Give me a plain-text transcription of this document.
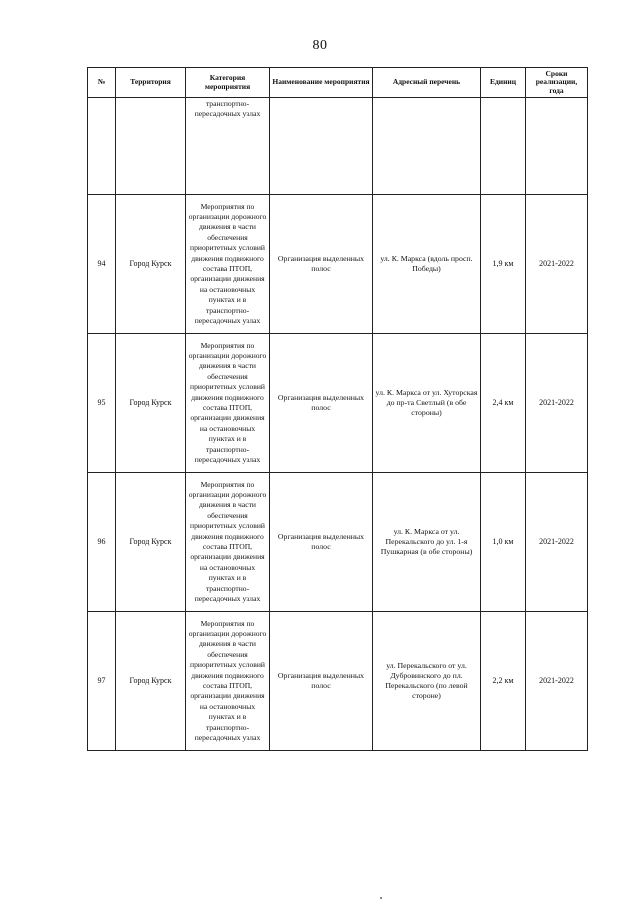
80
№	Территория	Категория мероприятия	Наименование мероприятия	Адресный перечень	Единиц	Сроки реализации, года
		транспортно-пересадочных узлах				
94	Город Курск	Мероприятия по организации дорожного движения в части обеспечения приоритетных условий движения подвижного состава ПТОП, организации движения на остановочных пунктах и в транспортно-пересадочных узлах	Организация выделенных полос	ул. К. Маркса (вдоль просп. Победы)	1,9 км	2021-2022
95	Город Курск	Мероприятия по организации дорожного движения в части обеспечения приоритетных условий движения подвижного состава ПТОП, организации движения на остановочных пунктах и в транспортно-пересадочных узлах	Организация выделенных полос	ул. К. Маркса от ул. Хуторская до пр-та Светлый (в обе стороны)	2,4 км	2021-2022
96	Город Курск	Мероприятия по организации дорожного движения в части обеспечения приоритетных условий движения подвижного состава ПТОП, организации движения на остановочных пунктах и в транспортно-пересадочных узлах	Организация выделенных полос	ул. К. Маркса от ул. Перекальского до ул. 1-я Пушкарная (в обе стороны)	1,0 км	2021-2022
97	Город Курск	Мероприятия по организации дорожного движения в части обеспечения приоритетных условий движения подвижного состава ПТОП, организации движения на остановочных пунктах и в транспортно-пересадочных узлах	Организация выделенных полос	ул. Перекальского от ул. Дубровинского до пл. Перекальского (по левой стороне)	2,2 км	2021-2022
